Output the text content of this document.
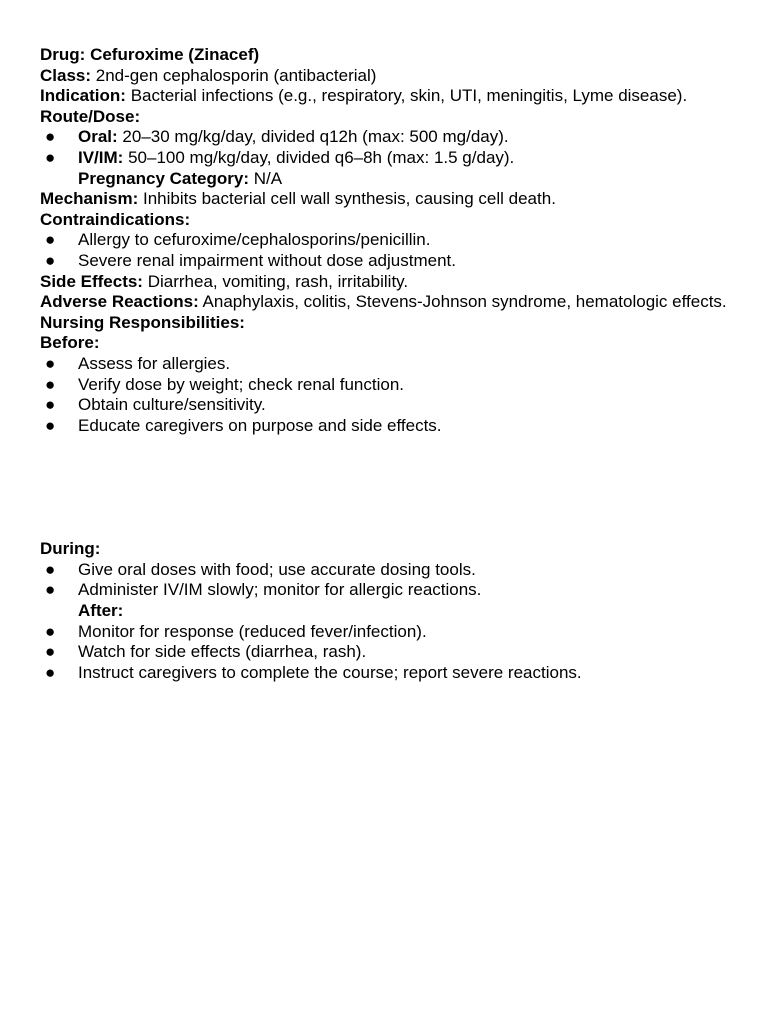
Drug: Cefuroxime (Zinacef)

Class: 2nd-gen cephalosporin (antibacterial)

Indication: Bacterial infections (e.g., respiratory, skin, UTI, meningitis, Lyme disease).

Route/Dose:

● Oral: 20–30 mg/kg/day, divided q12h (max: 500 mg/day).

● IV/IM: 50–100 mg/kg/day, divided q6–8h (max: 1.5 g/day).

Pregnancy Category: N/A

Mechanism: Inhibits bacterial cell wall synthesis, causing cell death.

Contraindications:

● Allergy to cefuroxime/cephalosporins/penicillin.

● Severe renal impairment without dose adjustment.

Side Effects: Diarrhea, vomiting, rash, irritability.

Adverse Reactions: Anaphylaxis, colitis, Stevens-Johnson syndrome, hematologic effects.

Nursing Responsibilities:

Before:

● Assess for allergies.

● Verify dose by weight; check renal function.

● Obtain culture/sensitivity.

● Educate caregivers on purpose and side effects.

During:

● Give oral doses with food; use accurate dosing tools.

● Administer IV/IM slowly; monitor for allergic reactions.

After:

● Monitor for response (reduced fever/infection).

● Watch for side effects (diarrhea, rash).

● Instruct caregivers to complete the course; report severe reactions.
